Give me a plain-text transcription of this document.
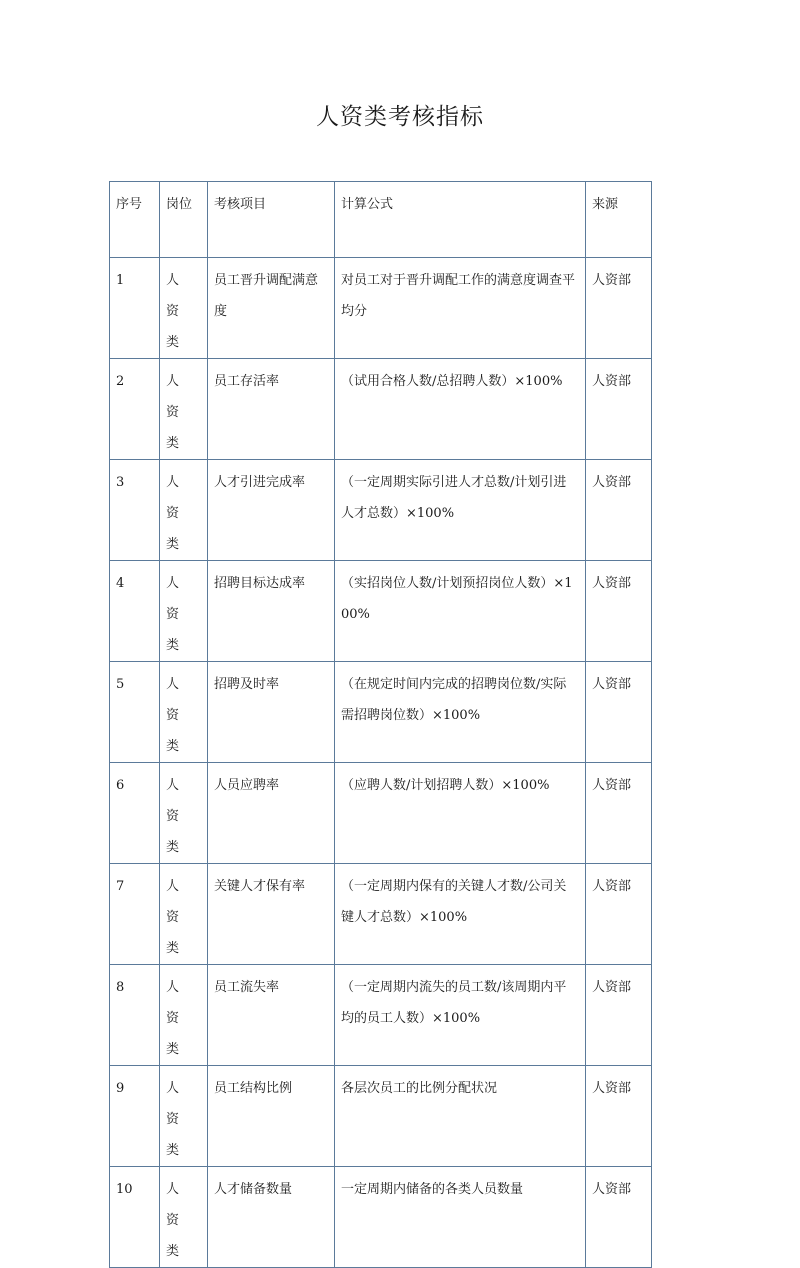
人资类考核指标
序号	岗位	考核项目	计算公式	来源
1	人资类	员工晋升调配满意度	对员工对于晋升调配工作的满意度调查平均分	人资部
2	人资类	员工存活率	（试用合格人数/总招聘人数）×100%	人资部
3	人资类	人才引进完成率	（一定周期实际引进人才总数/计划引进人才总数）×100%	人资部
4	人资类	招聘目标达成率	（实招岗位人数/计划预招岗位人数）×100%	人资部
5	人资类	招聘及时率	（在规定时间内完成的招聘岗位数/实际需招聘岗位数）×100%	人资部
6	人资类	人员应聘率	（应聘人数/计划招聘人数）×100%	人资部
7	人资类	关键人才保有率	（一定周期内保有的关键人才数/公司关键人才总数）×100%	人资部
8	人资类	员工流失率	（一定周期内流失的员工数/该周期内平均的员工人数）×100%	人资部
9	人资类	员工结构比例	各层次员工的比例分配状况	人资部
10	人资类	人才储备数量	一定周期内储备的各类人员数量	人资部
